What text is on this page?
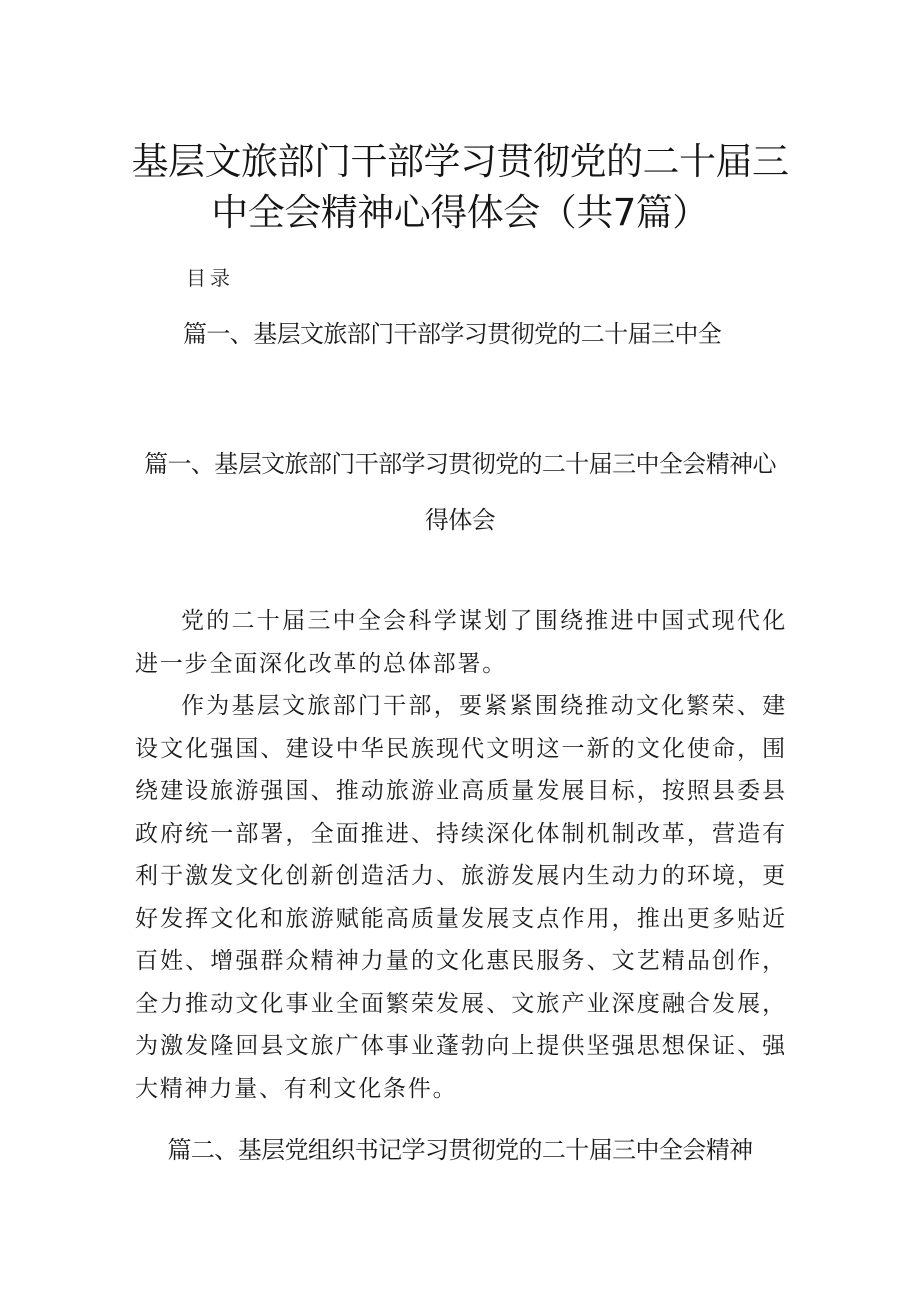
基层文旅部门干部学习贯彻党的二十届三中全会精神心得体会（共7篇）
目录
篇一、基层文旅部门干部学习贯彻党的二十届三中全
篇一、基层文旅部门干部学习贯彻党的二十届三中全会精神心得体会

党的二十届三中全会科学谋划了围绕推进中国式现代化进一步全面深化改革的总体部署。

作为基层文旅部门干部，要紧紧围绕推动文化繁荣、建设文化强国、建设中华民族现代文明这一新的文化使命，围绕建设旅游强国、推动旅游业高质量发展目标，按照县委县政府统一部署，全面推进、持续深化体制机制改革，营造有利于激发文化创新创造活力、旅游发展内生动力的环境，更好发挥文化和旅游赋能高质量发展支点作用，推出更多贴近百姓、增强群众精神力量的文化惠民服务、文艺精品创作，全力推动文化事业全面繁荣发展、文旅产业深度融合发展，为激发隆回县文旅广体事业蓬勃向上提供坚强思想保证、强大精神力量、有利文化条件。

篇二、基层党组织书记学习贯彻党的二十届三中全会精神
